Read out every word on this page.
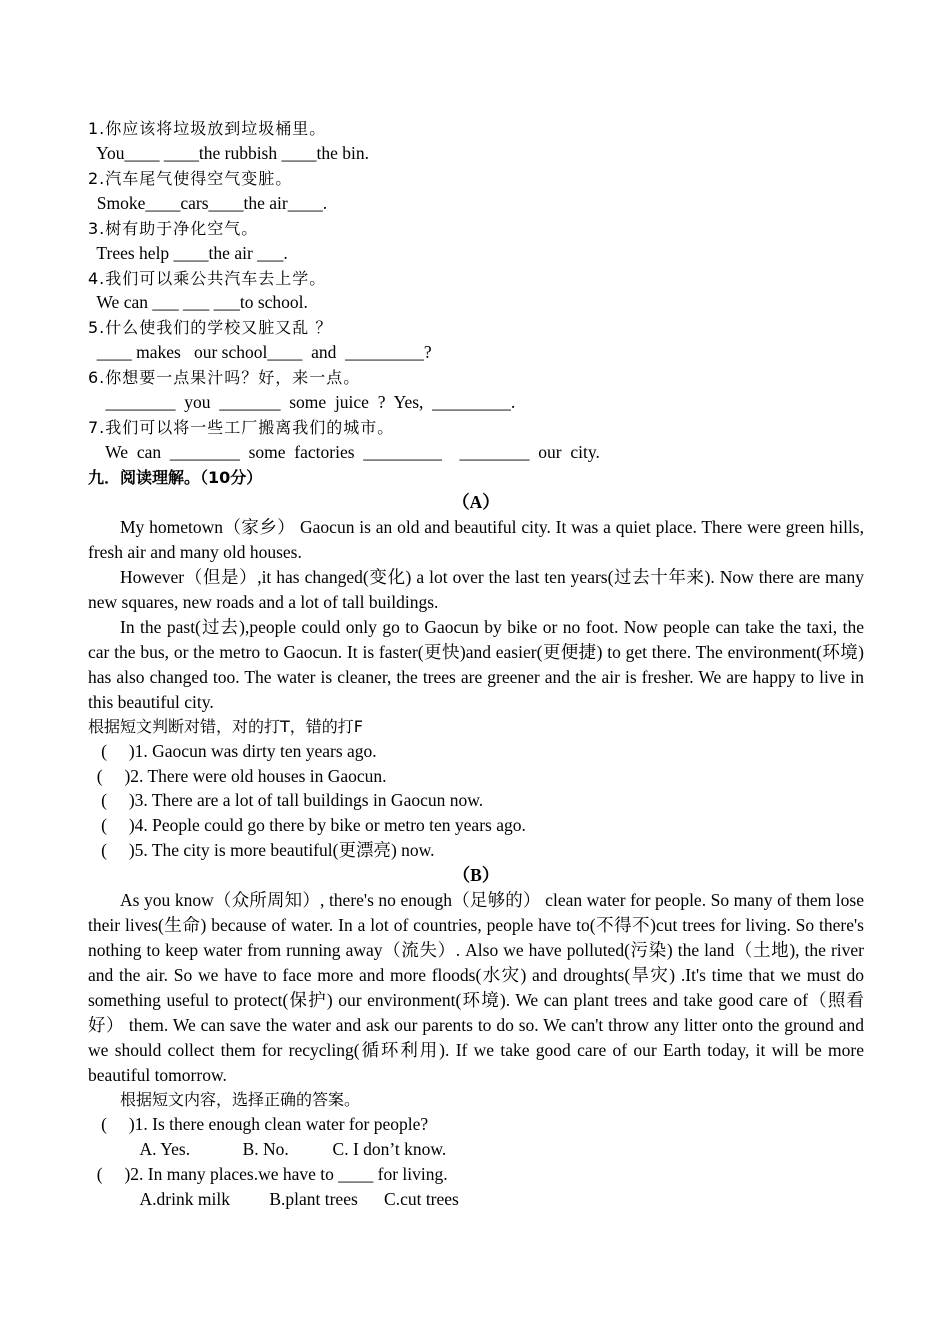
1.你应该将垃圾放到垃圾桶里。

You____ ____the rubbish ____the bin.

2.汽车尾气使得空气变脏。

Smoke____cars____the air____.

3.树有助于净化空气。

Trees help ____the air ___.

4.我们可以乘公共汽车去上学。

We can ___ ___ ___to school.

5.什么使我们的学校又脏又乱 ？

____ makes   our school____  and  _________?

6.你想要一点果汁吗？好，来一点。

________  you  _______  some  juice  ?  Yes,  _________.

7.我们可以将一些工厂搬离我们的城市。

We  can  ________  some  factories  _________    ________  our  city.

九．阅读理解。（10分）

（A）

My hometown（家乡） Gaocun is an old and beautiful city. It was a quiet place. There were green hills, fresh air and many old houses.

However（但是）,it has changed(变化) a lot over the last ten years(过去十年来). Now there are many new squares, new roads and a lot of tall buildings.

In the past(过去),people could only go to Gaocun by bike or no foot. Now people can take the taxi, the car the bus, or the metro to Gaocun. It is faster(更快)and easier(更便捷) to get there. The environment(环境) has also changed too. The water is cleaner, the trees are greener and the air is fresher. We are happy to live in this beautiful city.

根据短文判断对错，对的打T，错的打F

(     )1. Gaocun was dirty ten years ago.

(     )2. There were old houses in Gaocun.

(     )3. There are a lot of tall buildings in Gaocun now.

(     )4. People could go there by bike or metro ten years ago.

(     )5. The city is more beautiful(更漂亮) now.

（B）

As you know（众所周知）, there's no enough（足够的） clean water for people. So many of them lose their lives(生命) because of water. In a lot of countries, people have to(不得不)cut trees for living. So there's nothing to keep water from running away（流失）. Also we have polluted(污染) the land（土地), the river and the air. So we have to face more and more floods(水灾) and droughts(旱灾) .It's time that we must do something useful to protect(保护) our environment(环境). We can plant trees and take good care of（照看好） them. We can save the water and ask our parents to do so. We can't throw any litter onto the ground and we should collect them for recycling(循环利用). If we take good care of our Earth today, it will be more beautiful tomorrow.

根据短文内容，选择正确的答案。

(     )1. Is there enough clean water for people?

A. Yes.            B. No.          C. I don’t know.

(     )2. In many places.we have to ____ for living.

A.drink milk         B.plant trees      C.cut trees
